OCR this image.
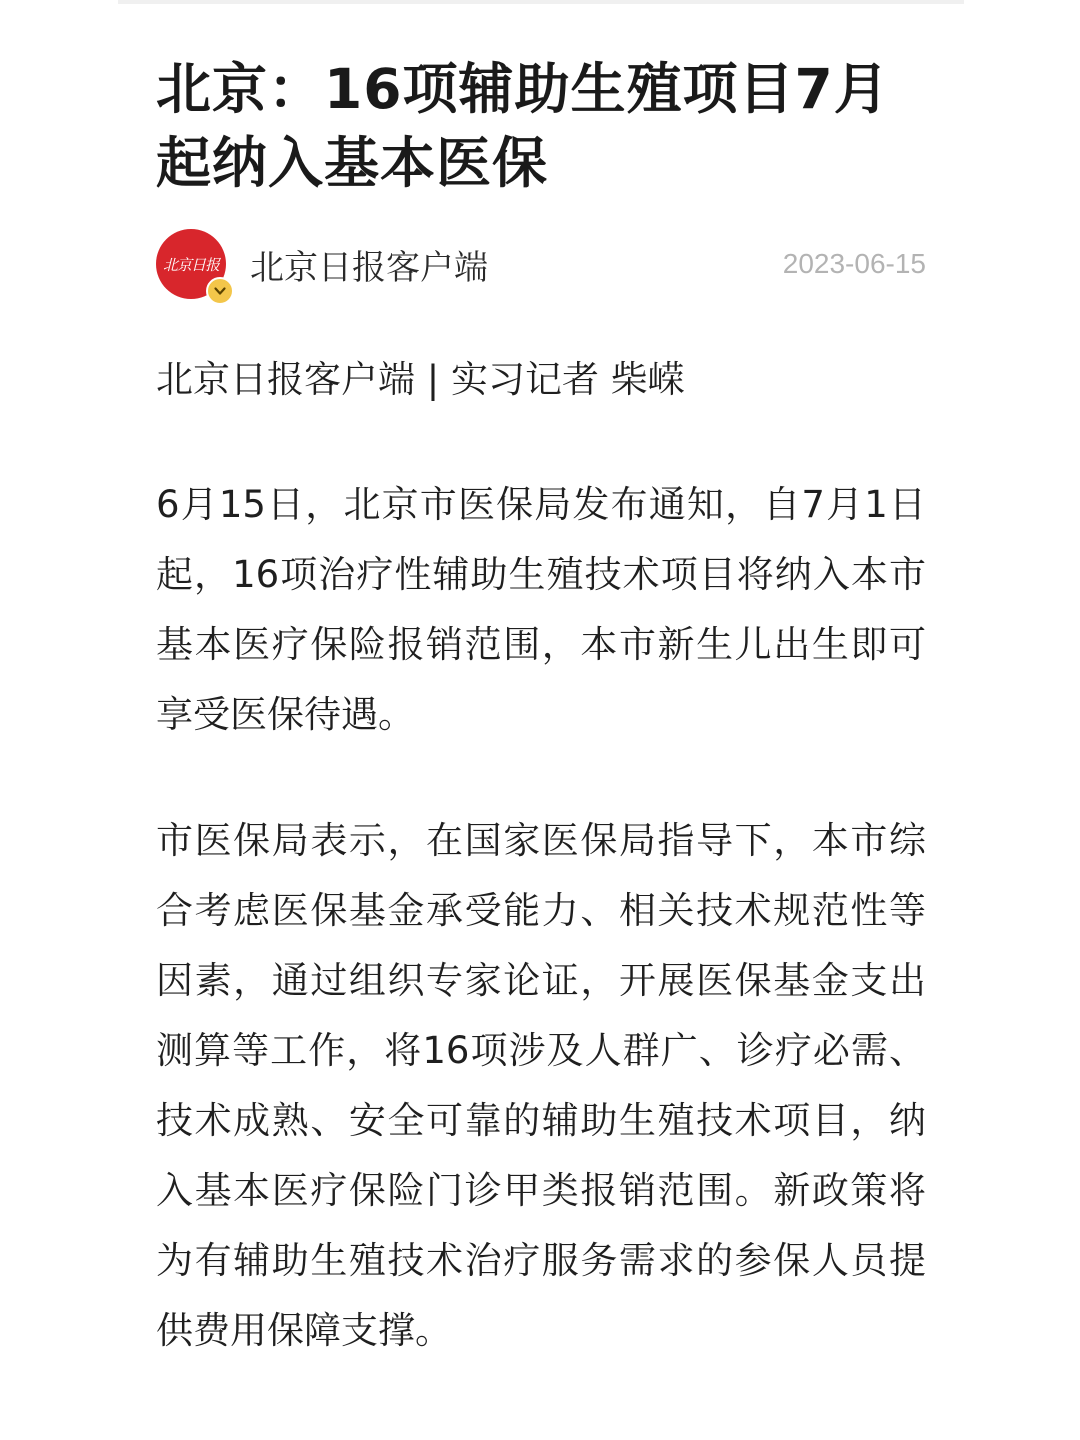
北京：16项辅助生殖项目7月起纳入基本医保
北京日报 北京日报客户端	2023-06-15

北京日报客户端 | 实习记者 柴嵘

6月15日，北京市医保局发布通知，自7月1日起，16项治疗性辅助生殖技术项目将纳入本市基本医疗保险报销范围，本市新生儿出生即可享受医保待遇。

市医保局表示，在国家医保局指导下，本市综合考虑医保基金承受能力、相关技术规范性等因素，通过组织专家论证，开展医保基金支出测算等工作，将16项涉及人群广、诊疗必需、技术成熟、安全可靠的辅助生殖技术项目，纳入基本医疗保险门诊甲类报销范围。新政策将为有辅助生殖技术治疗服务需求的参保人员提供费用保障支撑。
